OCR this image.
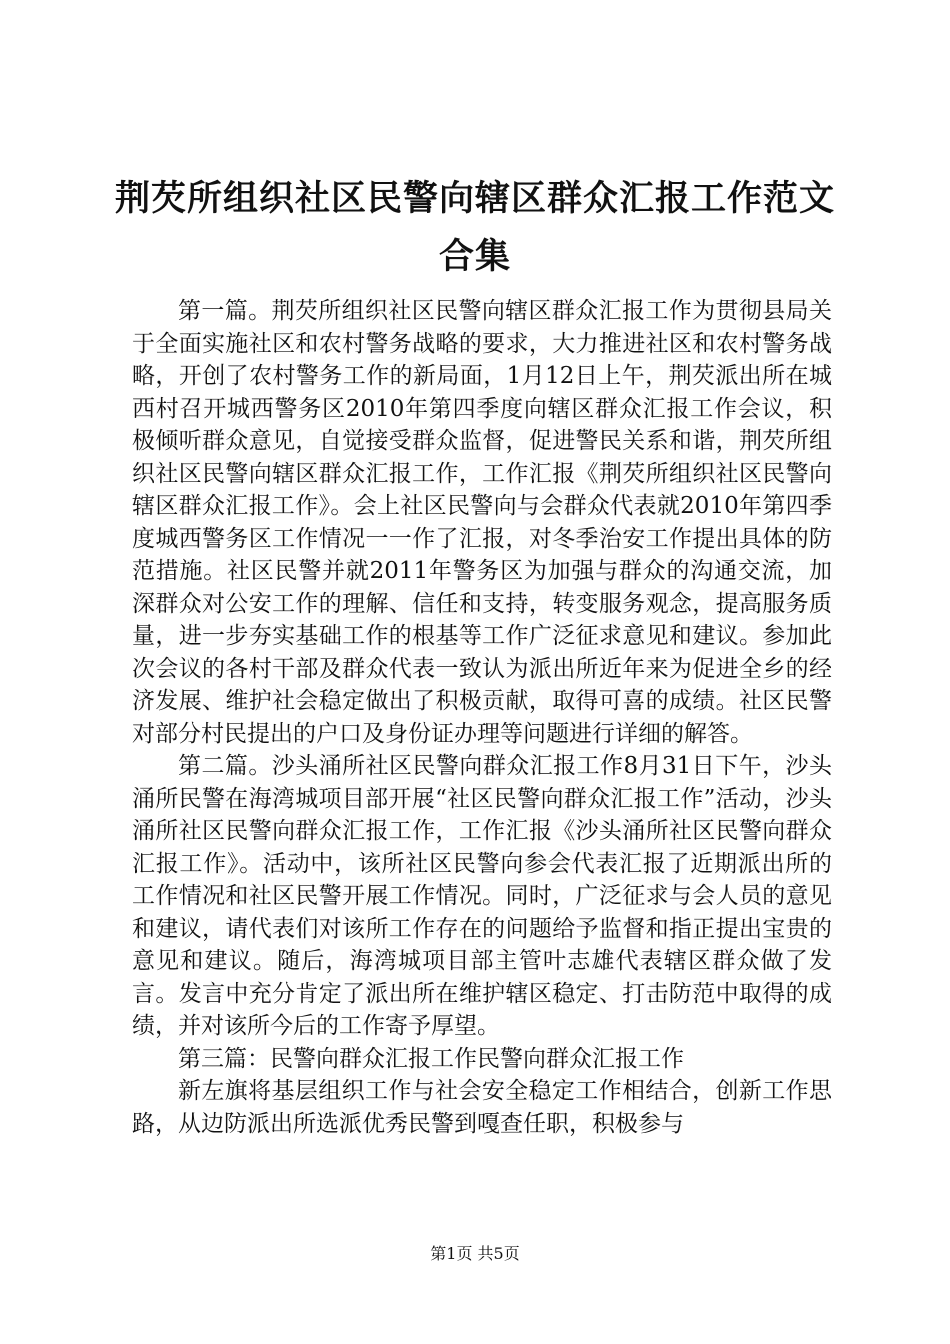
荆芡所组织社区民警向辖区群众汇报工作范文合集

第一篇。荆芡所组织社区民警向辖区群众汇报工作为贯彻县局关于全面实施社区和农村警务战略的要求，大力推进社区和农村警务战略，开创了农村警务工作的新局面，1月12日上午，荆芡派出所在城西村召开城西警务区2010年第四季度向辖区群众汇报工作会议，积极倾听群众意见，自觉接受群众监督，促进警民关系和谐，荆芡所组织社区民警向辖区群众汇报工作，工作汇报《荆芡所组织社区民警向辖区群众汇报工作》。会上社区民警向与会群众代表就2010年第四季度城西警务区工作情况一一作了汇报，对冬季治安工作提出具体的防范措施。社区民警并就2011年警务区为加强与群众的沟通交流，加深群众对公安工作的理解、信任和支持，转变服务观念，提高服务质量，进一步夯实基础工作的根基等工作广泛征求意见和建议。参加此次会议的各村干部及群众代表一致认为派出所近年来为促进全乡的经济发展、维护社会稳定做出了积极贡献，取得可喜的成绩。社区民警对部分村民提出的户口及身份证办理等问题进行详细的解答。

第二篇。沙头涌所社区民警向群众汇报工作8月31日下午，沙头涌所民警在海湾城项目部开展“社区民警向群众汇报工作”活动，沙头涌所社区民警向群众汇报工作，工作汇报《沙头涌所社区民警向群众汇报工作》。活动中，该所社区民警向参会代表汇报了近期派出所的工作情况和社区民警开展工作情况。同时，广泛征求与会人员的意见和建议，请代表们对该所工作存在的问题给予监督和指正提出宝贵的意见和建议。随后，海湾城项目部主管叶志雄代表辖区群众做了发言。发言中充分肯定了派出所在维护辖区稳定、打击防范中取得的成绩，并对该所今后的工作寄予厚望。

第三篇：民警向群众汇报工作民警向群众汇报工作

新左旗将基层组织工作与社会安全稳定工作相结合，创新工作思路，从边防派出所选派优秀民警到嘎查任职，积极参与

第1页 共5页
